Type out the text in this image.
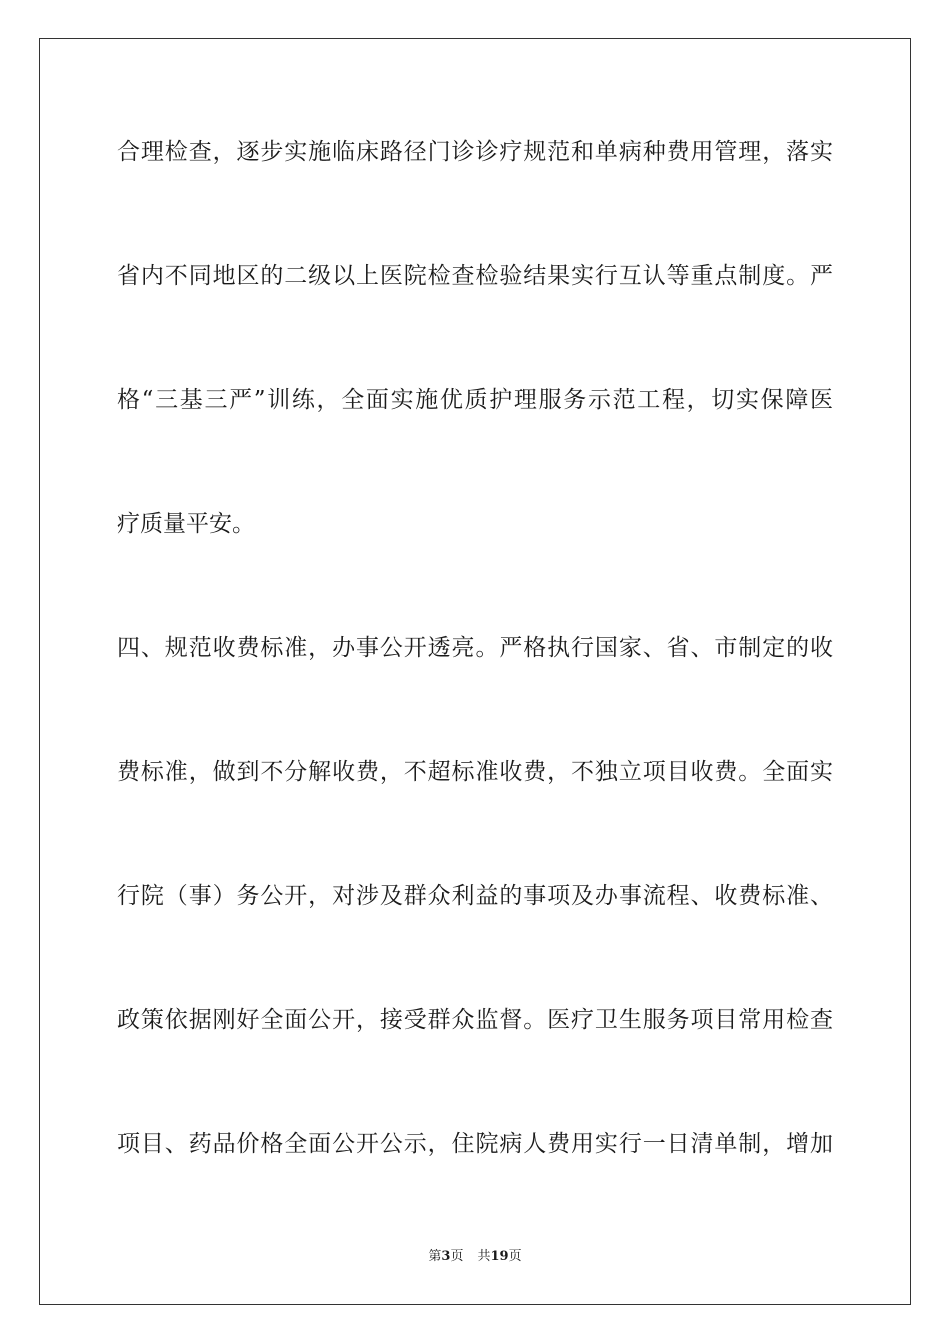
合理检查，逐步实施临床路径门诊诊疗规范和单病种费用管理，落实

省内不同地区的二级以上医院检查检验结果实行互认等重点制度。严

格“三基三严”训练，全面实施优质护理服务示范工程，切实保障医

疗质量平安。

四、规范收费标准，办事公开透亮。严格执行国家、省、市制定的收

费标准，做到不分解收费，不超标准收费，不独立项目收费。全面实

行院（事）务公开，对涉及群众利益的事项及办事流程、收费标准、

政策依据刚好全面公开，接受群众监督。医疗卫生服务项目常用检查

项目、药品价格全面公开公示，住院病人费用实行一日清单制，增加

第3页 共19页
